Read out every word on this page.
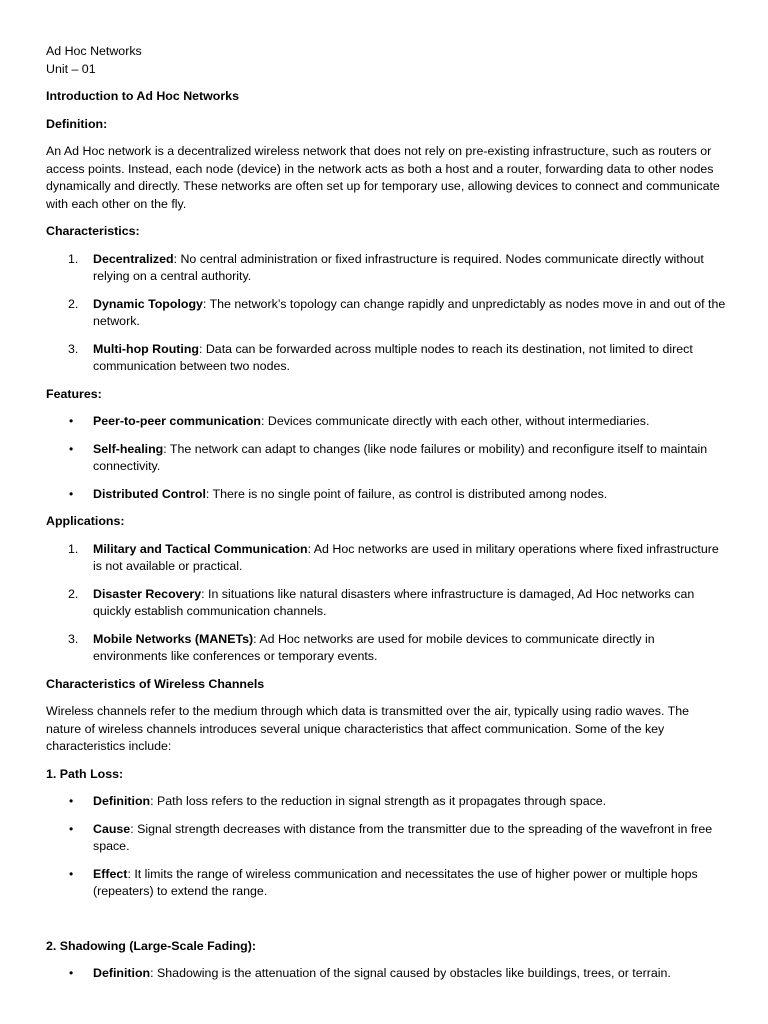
Ad Hoc Networks

Unit – 01

Introduction to Ad Hoc Networks

Definition:

An Ad Hoc network is a decentralized wireless network that does not rely on pre-existing infrastructure, such as routers or access points. Instead, each node (device) in the network acts as both a host and a router, forwarding data to other nodes dynamically and directly. These networks are often set up for temporary use, allowing devices to connect and communicate with each other on the fly.

Characteristics:

1. Decentralized: No central administration or fixed infrastructure is required. Nodes communicate directly without relying on a central authority.
2. Dynamic Topology: The network’s topology can change rapidly and unpredictably as nodes move in and out of the network.
3. Multi-hop Routing: Data can be forwarded across multiple nodes to reach its destination, not limited to direct communication between two nodes.

Features:

• Peer-to-peer communication: Devices communicate directly with each other, without intermediaries.
• Self-healing: The network can adapt to changes (like node failures or mobility) and reconfigure itself to maintain connectivity.
• Distributed Control: There is no single point of failure, as control is distributed among nodes.

Applications:

1. Military and Tactical Communication: Ad Hoc networks are used in military operations where fixed infrastructure is not available or practical.
2. Disaster Recovery: In situations like natural disasters where infrastructure is damaged, Ad Hoc networks can quickly establish communication channels.
3. Mobile Networks (MANETs): Ad Hoc networks are used for mobile devices to communicate directly in environments like conferences or temporary events.

Characteristics of Wireless Channels

Wireless channels refer to the medium through which data is transmitted over the air, typically using radio waves. The nature of wireless channels introduces several unique characteristics that affect communication. Some of the key characteristics include:

1. Path Loss:

• Definition: Path loss refers to the reduction in signal strength as it propagates through space.
• Cause: Signal strength decreases with distance from the transmitter due to the spreading of the wavefront in free space.
• Effect: It limits the range of wireless communication and necessitates the use of higher power or multiple hops (repeaters) to extend the range.

2. Shadowing (Large-Scale Fading):

• Definition: Shadowing is the attenuation of the signal caused by obstacles like buildings, trees, or terrain.
